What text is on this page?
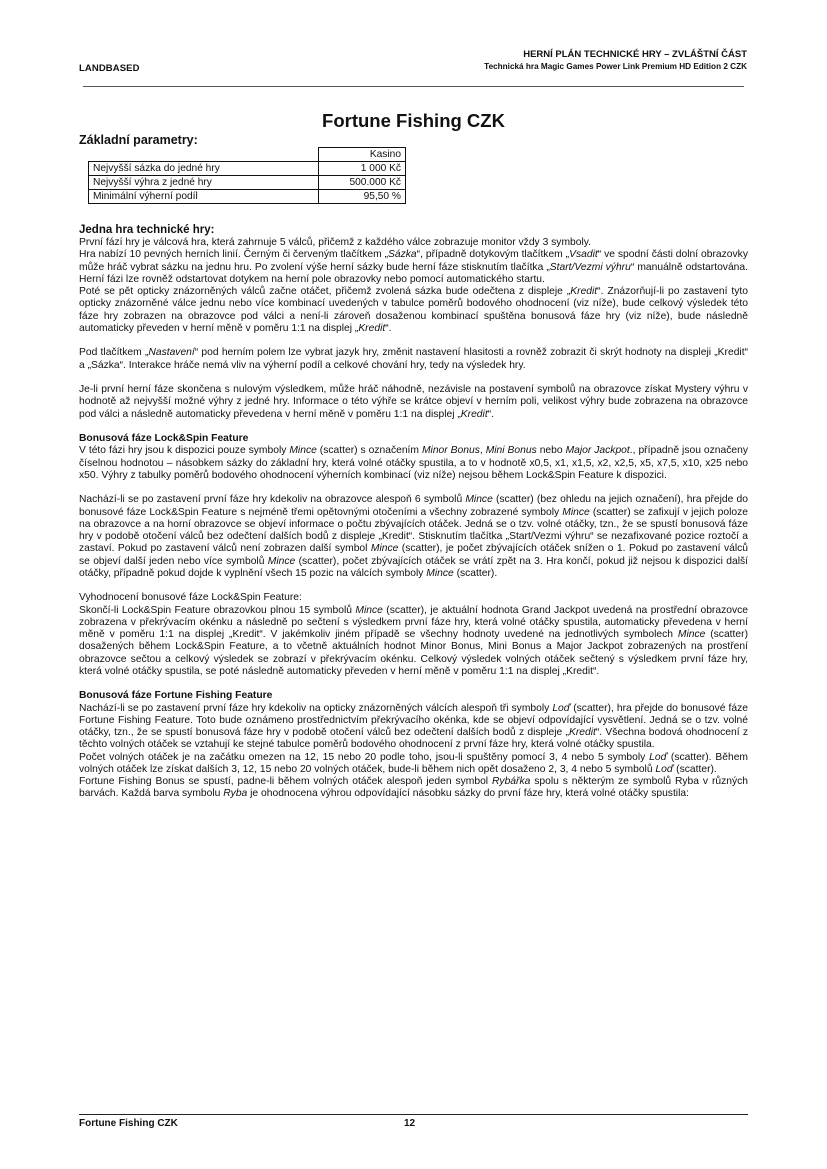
LANDBASED
HERNÍ PLÁN TECHNICKÉ HRY – ZVLÁŠTNÍ ČÁST
Technická hra Magic Games Power Link Premium HD Edition 2 CZK
Fortune Fishing CZK
Základní parametry:
	Kasino
Nejvyšší sázka do jedné hry	1 000 Kč
Nejvyšší výhra z jedné hry	500.000 Kč
Minimální výherní podíl	95,50 %
Jedna hra technické hry:

První fází hry je válcová hra, která zahrnuje 5 válců, přičemž z každého válce zobrazuje monitor vždy 3 symboly.

Hra nabízí 10 pevných herních linií. Černým či červeným tlačítkem „Sázka“, případně dotykovým tlačítkem „Vsadit“ ve spodní části dolní obrazovky může hráč vybrat sázku na jednu hru. Po zvolení výše herní sázky bude herní fáze stisknutím tlačítka „Start/Vezmi výhru“ manuálně odstartována. Herní fázi lze rovněž odstartovat dotykem na herní pole obrazovky nebo pomocí automatického startu.

Poté se pět opticky znázorněných válců začne otáčet, přičemž zvolená sázka bude odečtena z displeje „Kredit“. Znázorňují-li po zastavení tyto opticky znázorněné válce jednu nebo více kombinací uvedených v tabulce poměrů bodového ohodnocení (viz níže), bude celkový výsledek této fáze hry zobrazen na obrazovce pod válci a není-li zároveň dosaženou kombinací spuštěna bonusová fáze hry (viz níže), bude následně automaticky převeden v herní měně v poměru 1:1 na displej „Kredit“.

Pod tlačítkem „Nastavení“ pod herním polem lze vybrat jazyk hry, změnit nastavení hlasitosti a rovněž zobrazit či skrýt hodnoty na displeji „Kredit“ a „Sázka“. Interakce hráče nemá vliv na výherní podíl a celkové chování hry, tedy na výsledek hry.

Je-li první herní fáze skončena s nulovým výsledkem, může hráč náhodně, nezávisle na postavení symbolů na obrazovce získat Mystery výhru v hodnotě až nejvyšší možné výhry z jedné hry. Informace o této výhře se krátce objeví v herním poli, velikost výhry bude zobrazena na obrazovce pod válci a následně automaticky převedena v herní měně v poměru 1:1 na displej „Kredit“.

Bonusová fáze Lock&Spin Feature

V této fázi hry jsou k dispozici pouze symboly Mince (scatter) s označením Minor Bonus, Mini Bonus nebo Major Jackpot., případně jsou označeny číselnou hodnotou – násobkem sázky do základní hry, která volné otáčky spustila, a to v hodnotě x0,5, x1, x1,5, x2, x2,5, x5, x7,5, x10, x25 nebo x50. Výhry z tabulky poměrů bodového ohodnocení výherních kombinací (viz níže) nejsou během Lock&Spin Feature k dispozici.

Nachází-li se po zastavení první fáze hry kdekoliv na obrazovce alespoň 6 symbolů Mince (scatter) (bez ohledu na jejich označení), hra přejde do bonusové fáze Lock&Spin Feature s nejméně třemi opětovnými otočeními a všechny zobrazené symboly Mince (scatter) se zafixují v jejich poloze na obrazovce a na horní obrazovce se objeví informace o počtu zbývajících otáček. Jedná se o tzv. volné otáčky, tzn., že se spustí bonusová fáze hry v podobě otočení válců bez odečtení dalších bodů z displeje „Kredit“. Stisknutím tlačítka „Start/Vezmi výhru“ se nezafixované pozice roztočí a zastaví. Pokud po zastavení válců není zobrazen další symbol Mince (scatter), je počet zbývajících otáček snížen o 1. Pokud po zastavení válců se objeví další jeden nebo více symbolů Mince (scatter), počet zbývajících otáček se vrátí zpět na 3. Hra končí, pokud již nejsou k dispozici další otáčky, případně pokud dojde k vyplnění všech 15 pozic na válcích symboly Mince (scatter).

Vyhodnocení bonusové fáze Lock&Spin Feature:

Skončí-li Lock&Spin Feature obrazovkou plnou 15 symbolů Mince (scatter), je aktuální hodnota Grand Jackpot uvedená na prostřední obrazovce zobrazena v překrývacím okénku a následně po sečtení s výsledkem první fáze hry, která volné otáčky spustila, automaticky převedena v herní měně v poměru 1:1 na displej „Kredit“. V jakémkoliv jiném případě se všechny hodnoty uvedené na jednotlivých symbolech Mince (scatter) dosažených během Lock&Spin Feature, a to včetně aktuálních hodnot Minor Bonus, Mini Bonus a Major Jackpot zobrazených na prostření obrazovce sečtou a celkový výsledek se zobrazí v překrývacím okénku. Celkový výsledek volných otáček sečtený s výsledkem první fáze hry, která volné otáčky spustila, se poté následně automaticky převeden v herní měně v poměru 1:1 na displej „Kredit“.

Bonusová fáze Fortune Fishing Feature

Nachází-li se po zastavení první fáze hry kdekoliv na opticky znázorněných válcích alespoň tři symboly Loď (scatter), hra přejde do bonusové fáze Fortune Fishing Feature. Toto bude oznámeno prostřednictvím překrývacího okénka, kde se objeví odpovídající vysvětlení. Jedná se o tzv. volné otáčky, tzn., že se spustí bonusová fáze hry v podobě otočení válců bez odečtení dalších bodů z displeje „Kredit“. Všechna bodová ohodnocení z těchto volných otáček se vztahují ke stejné tabulce poměrů bodového ohodnocení z první fáze hry, která volné otáčky spustila.

Počet volných otáček je na začátku omezen na 12, 15 nebo 20 podle toho, jsou-li spuštěny pomocí 3, 4 nebo 5 symboly Loď (scatter). Během volných otáček lze získat dalších 3, 12, 15 nebo 20 volných otáček, bude-li během nich opět dosaženo 2, 3, 4 nebo 5 symbolů Loď (scatter).

Fortune Fishing Bonus se spustí, padne-li během volných otáček alespoň jeden symbol Rybářka spolu s některým ze symbolů Ryba v různých barvách. Každá barva symbolu Ryba je ohodnocena výhrou odpovídající násobku sázky do první fáze hry, která volné otáčky spustila:

Fortune Fishing CZK	12
